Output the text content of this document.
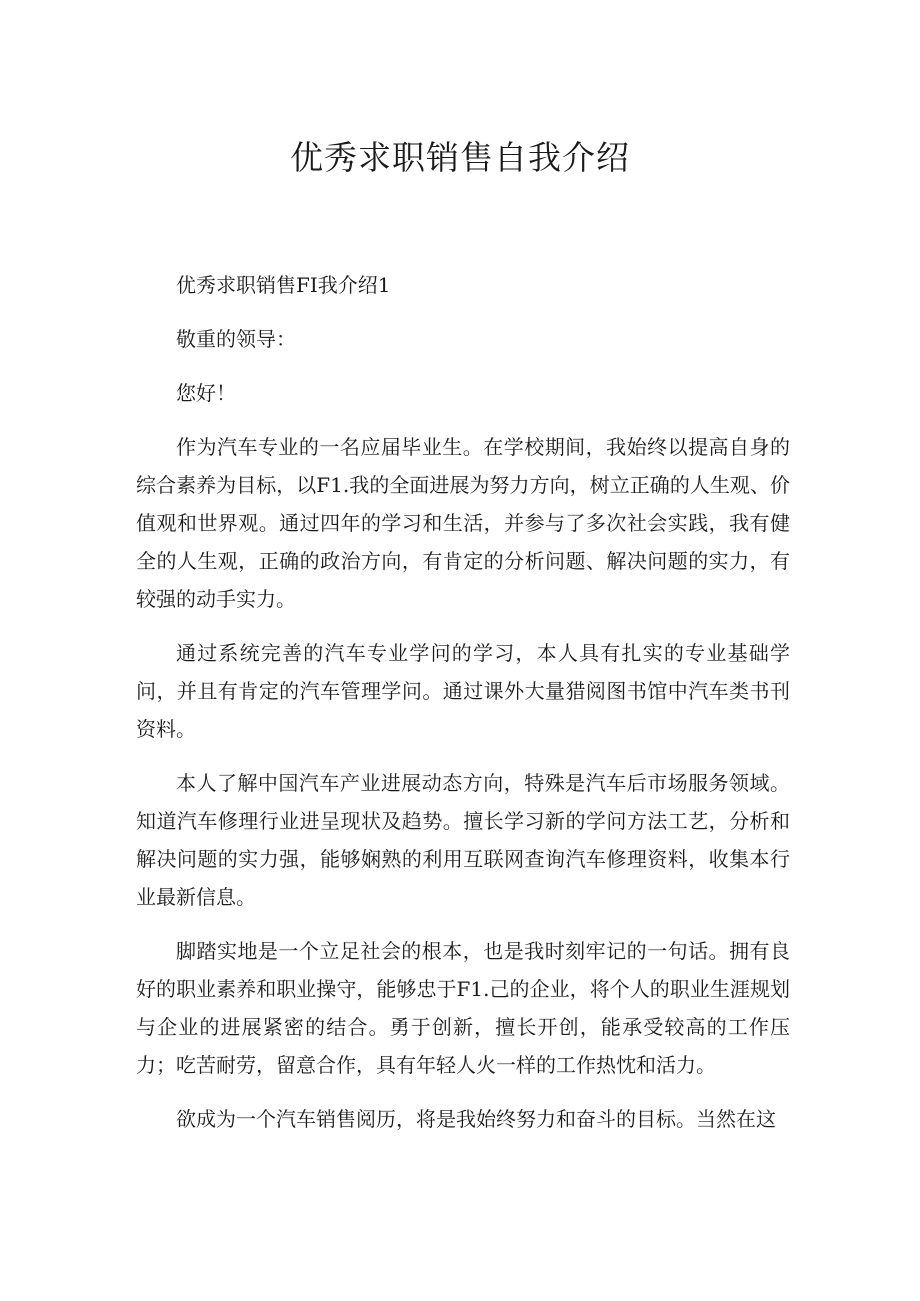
优秀求职销售自我介绍

优秀求职销售FI我介绍1

敬重的领导：

您好！

作为汽车专业的一名应届毕业生。在学校期间，我始终以提高自身的综合素养为目标，以F1.我的全面进展为努力方向，树立正确的人生观、价值观和世界观。通过四年的学习和生活，并参与了多次社会实践，我有健全的人生观，正确的政治方向，有肯定的分析问题、解决问题的实力，有较强的动手实力。

通过系统完善的汽车专业学问的学习，本人具有扎实的专业基础学问，并且有肯定的汽车管理学问。通过课外大量猎阅图书馆中汽车类书刊资料。

本人了解中国汽车产业进展动态方向，特殊是汽车后市场服务领域。知道汽车修理行业进呈现状及趋势。擅长学习新的学问方法工艺，分析和解决问题的实力强，能够娴熟的利用互联网查询汽车修理资料，收集本行业最新信息。

脚踏实地是一个立足社会的根本，也是我时刻牢记的一句话。拥有良好的职业素养和职业操守，能够忠于F1.己的企业，将个人的职业生涯规划与企业的进展紧密的结合。勇于创新，擅长开创，能承受较高的工作压力；吃苦耐劳，留意合作，具有年轻人火一样的工作热忱和活力。

欲成为一个汽车销售阅历，将是我始终努力和奋斗的目标。当然在这
